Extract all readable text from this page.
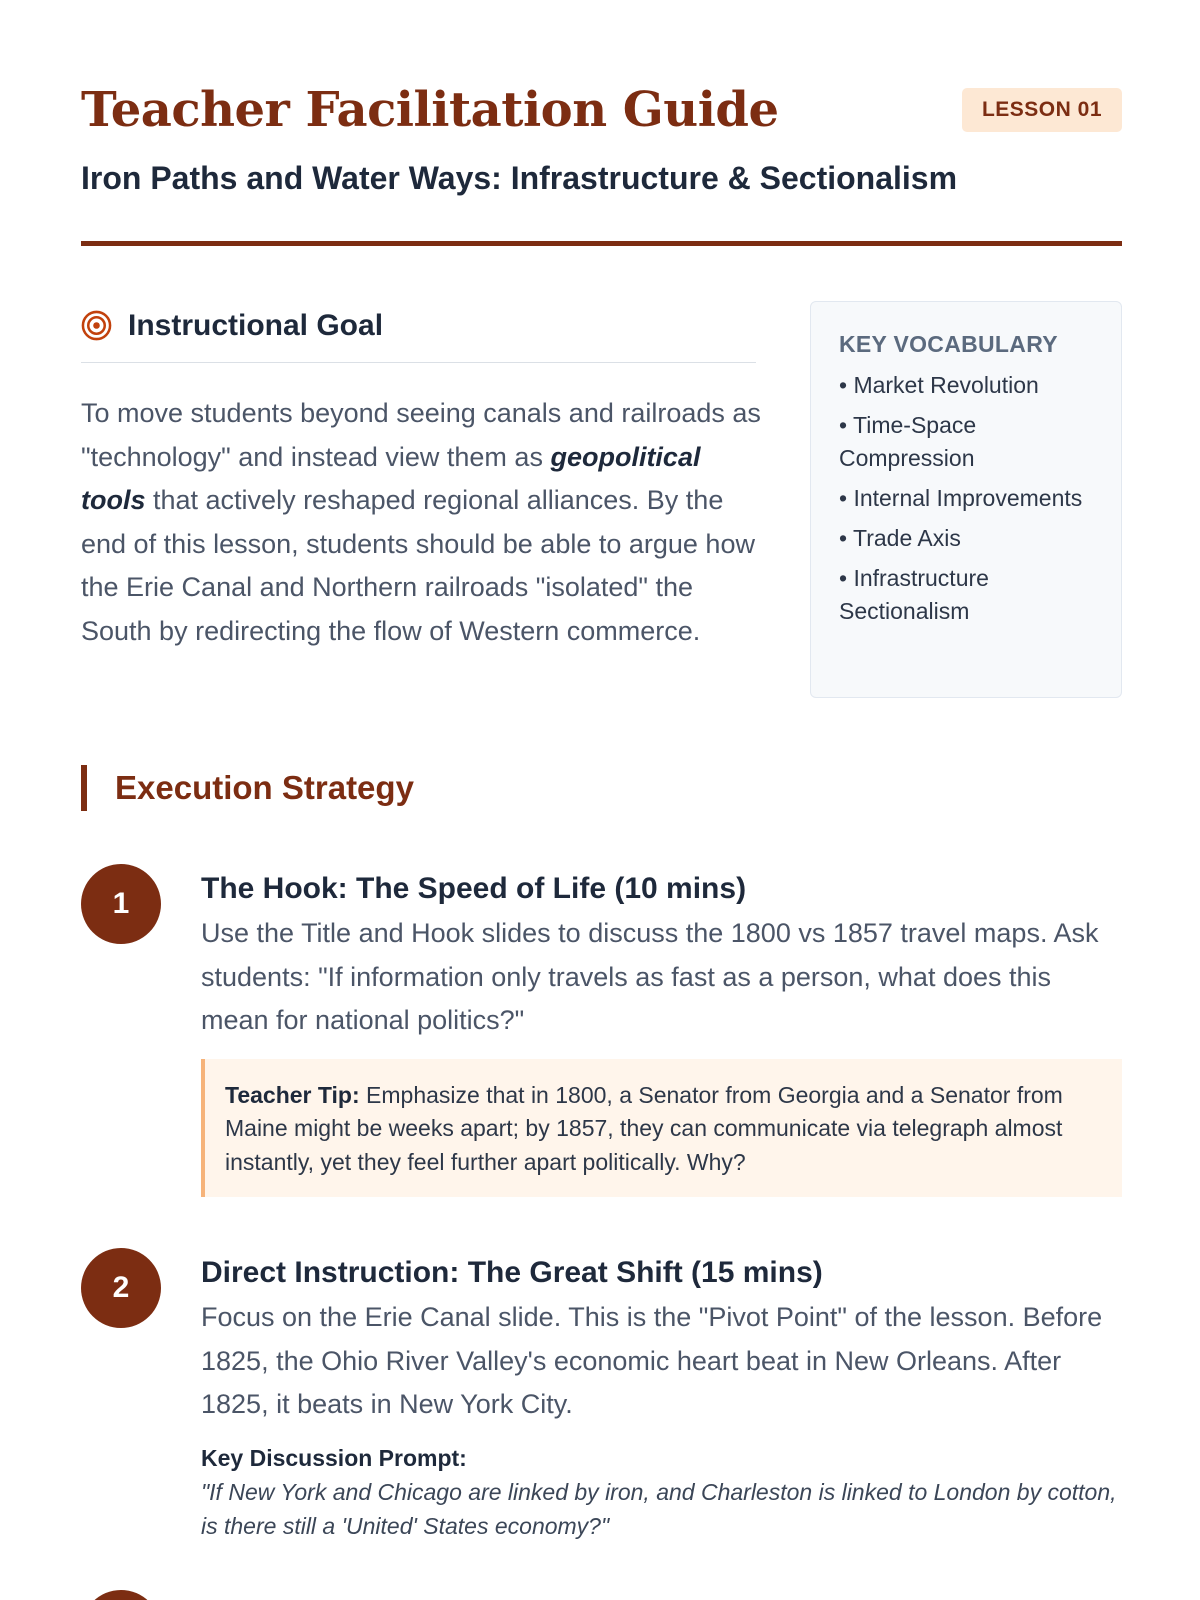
Teacher Facilitation Guide	LESSON 01
Iron Paths and Water Ways: Infrastructure & Sectionalism
Instructional Goal

To move students beyond seeing canals and railroads as "technology" and instead view them as geopolitical tools that actively reshaped regional alliances. By the end of this lesson, students should be able to argue how the Erie Canal and Northern railroads "isolated" the South by redirecting the flow of Western commerce.

KEY VOCABULARY
• Market Revolution
• Time-Space Compression
• Internal Improvements
• Trade Axis
• Infrastructure Sectionalism
Execution Strategy
1	The Hook: The Speed of Life (10 mins)

Use the Title and Hook slides to discuss the 1800 vs 1857 travel maps. Ask students: "If information only travels as fast as a person, what does this mean for national politics?"

Teacher Tip: Emphasize that in 1800, a Senator from Georgia and a Senator from Maine might be weeks apart; by 1857, they can communicate via telegraph almost instantly, yet they feel further apart politically. Why?
2	Direct Instruction: The Great Shift (15 mins)

Focus on the Erie Canal slide. This is the "Pivot Point" of the lesson. Before 1825, the Ohio River Valley's economic heart beat in New Orleans. After 1825, it beats in New York City.

Key Discussion Prompt:

"If New York and Chicago are linked by iron, and Charleston is linked to London by cotton, is there still a 'United' States economy?"
